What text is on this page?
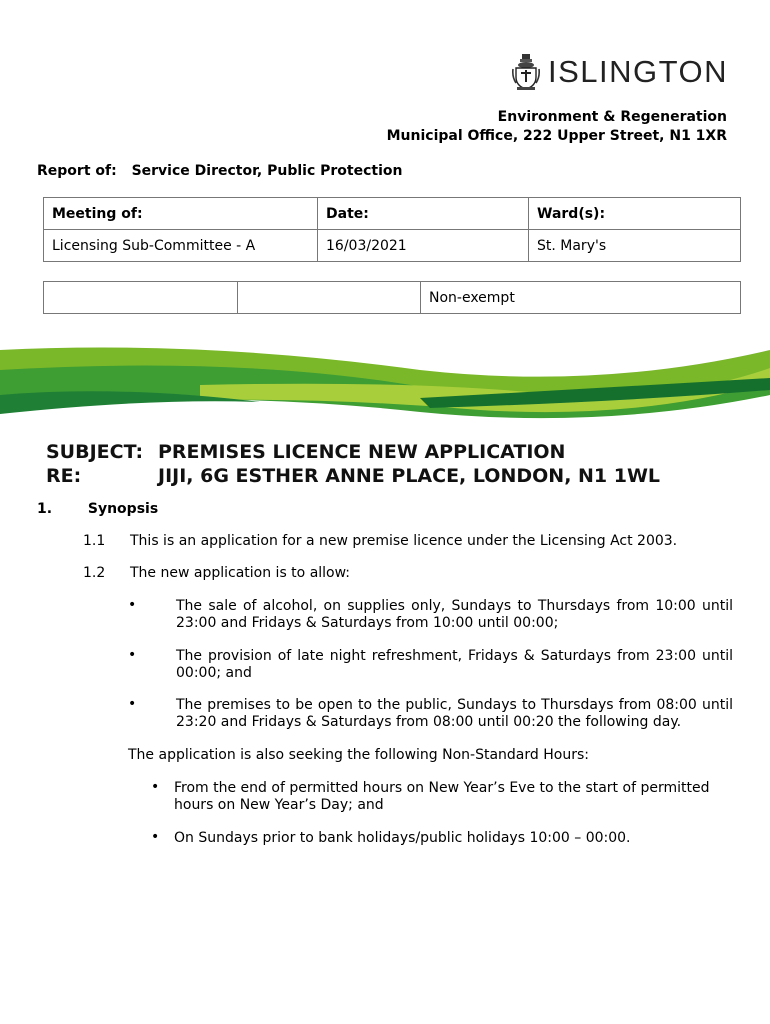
ISLINGTON
Environment & Regeneration
Municipal Office, 222 Upper Street, N1 1XR
Report of: Service Director, Public Protection
Meeting of:	Date:	Ward(s):
Licensing Sub-Committee - A	16/03/2021	St. Mary's
		Non-exempt
SUBJECT: PREMISES LICENCE NEW APPLICATION
RE:	JIJI, 6G ESTHER ANNE PLACE, LONDON, N1 1WL
1.	Synopsis
1.1 This is an application for a new premise licence under the Licensing Act 2003.
1.2 The new application is to allow:
•	The sale of alcohol, on supplies only, Sundays to Thursdays from 10:00 until 23:00 and Fridays & Saturdays from 10:00 until 00:00;
•	The provision of late night refreshment, Fridays & Saturdays from 23:00 until 00:00; and
•	The premises to be open to the public, Sundays to Thursdays from 08:00 until 23:20 and Fridays & Saturdays from 08:00 until 00:20 the following day.
The application is also seeking the following Non-Standard Hours:
• From the end of permitted hours on New Year’s Eve to the start of permitted hours on New Year’s Day; and
• On Sundays prior to bank holidays/public holidays 10:00 – 00:00.
